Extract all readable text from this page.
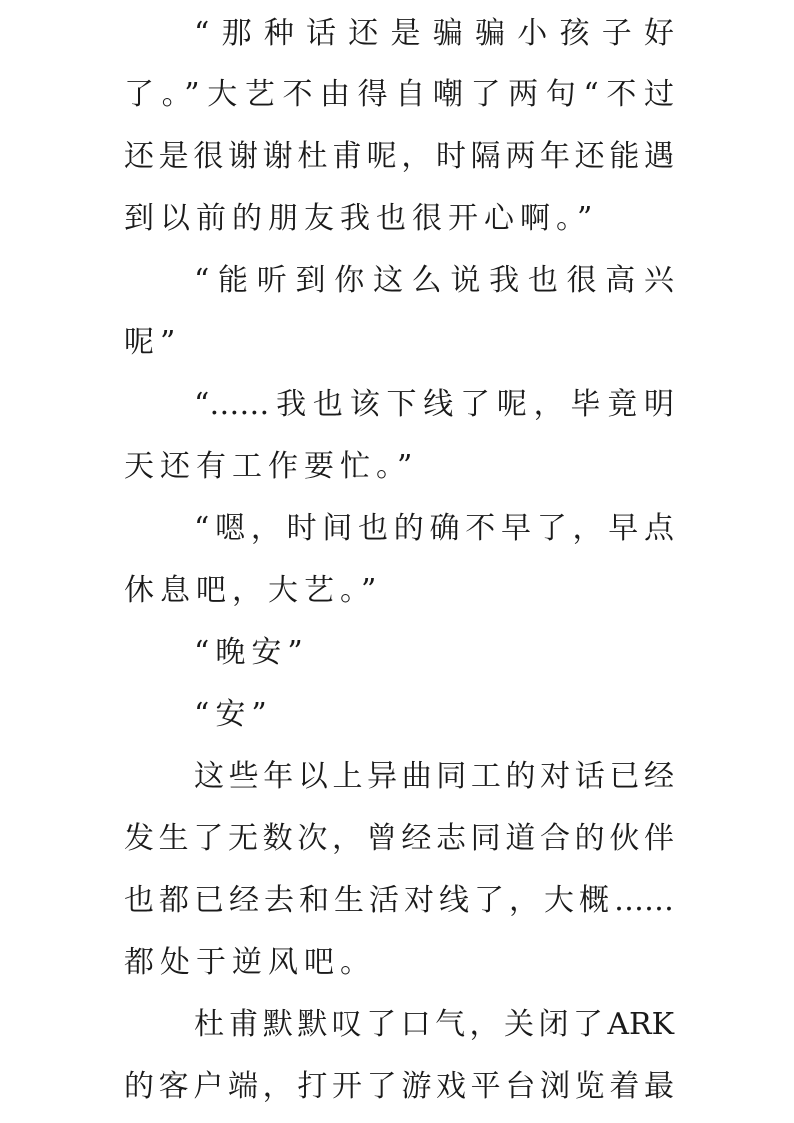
“那种话还是骗骗小孩子好
了。”大艺不由得自嘲了两句“不过
还是很谢谢杜甫呢，时隔两年还能遇
到以前的朋友我也很开心啊。”
“能听到你这么说我也很高兴
呢”
“……我也该下线了呢，毕竟明
天还有工作要忙。”
“嗯，时间也的确不早了，早点
休息吧，大艺。”
“晚安”
“安”
这些年以上异曲同工的对话已经
发生了无数次，曾经志同道合的伙伴
也都已经去和生活对线了，大概……
都处于逆风吧。
杜甫默默叹了口气，关闭了ARK
的客户端，打开了游戏平台浏览着最
